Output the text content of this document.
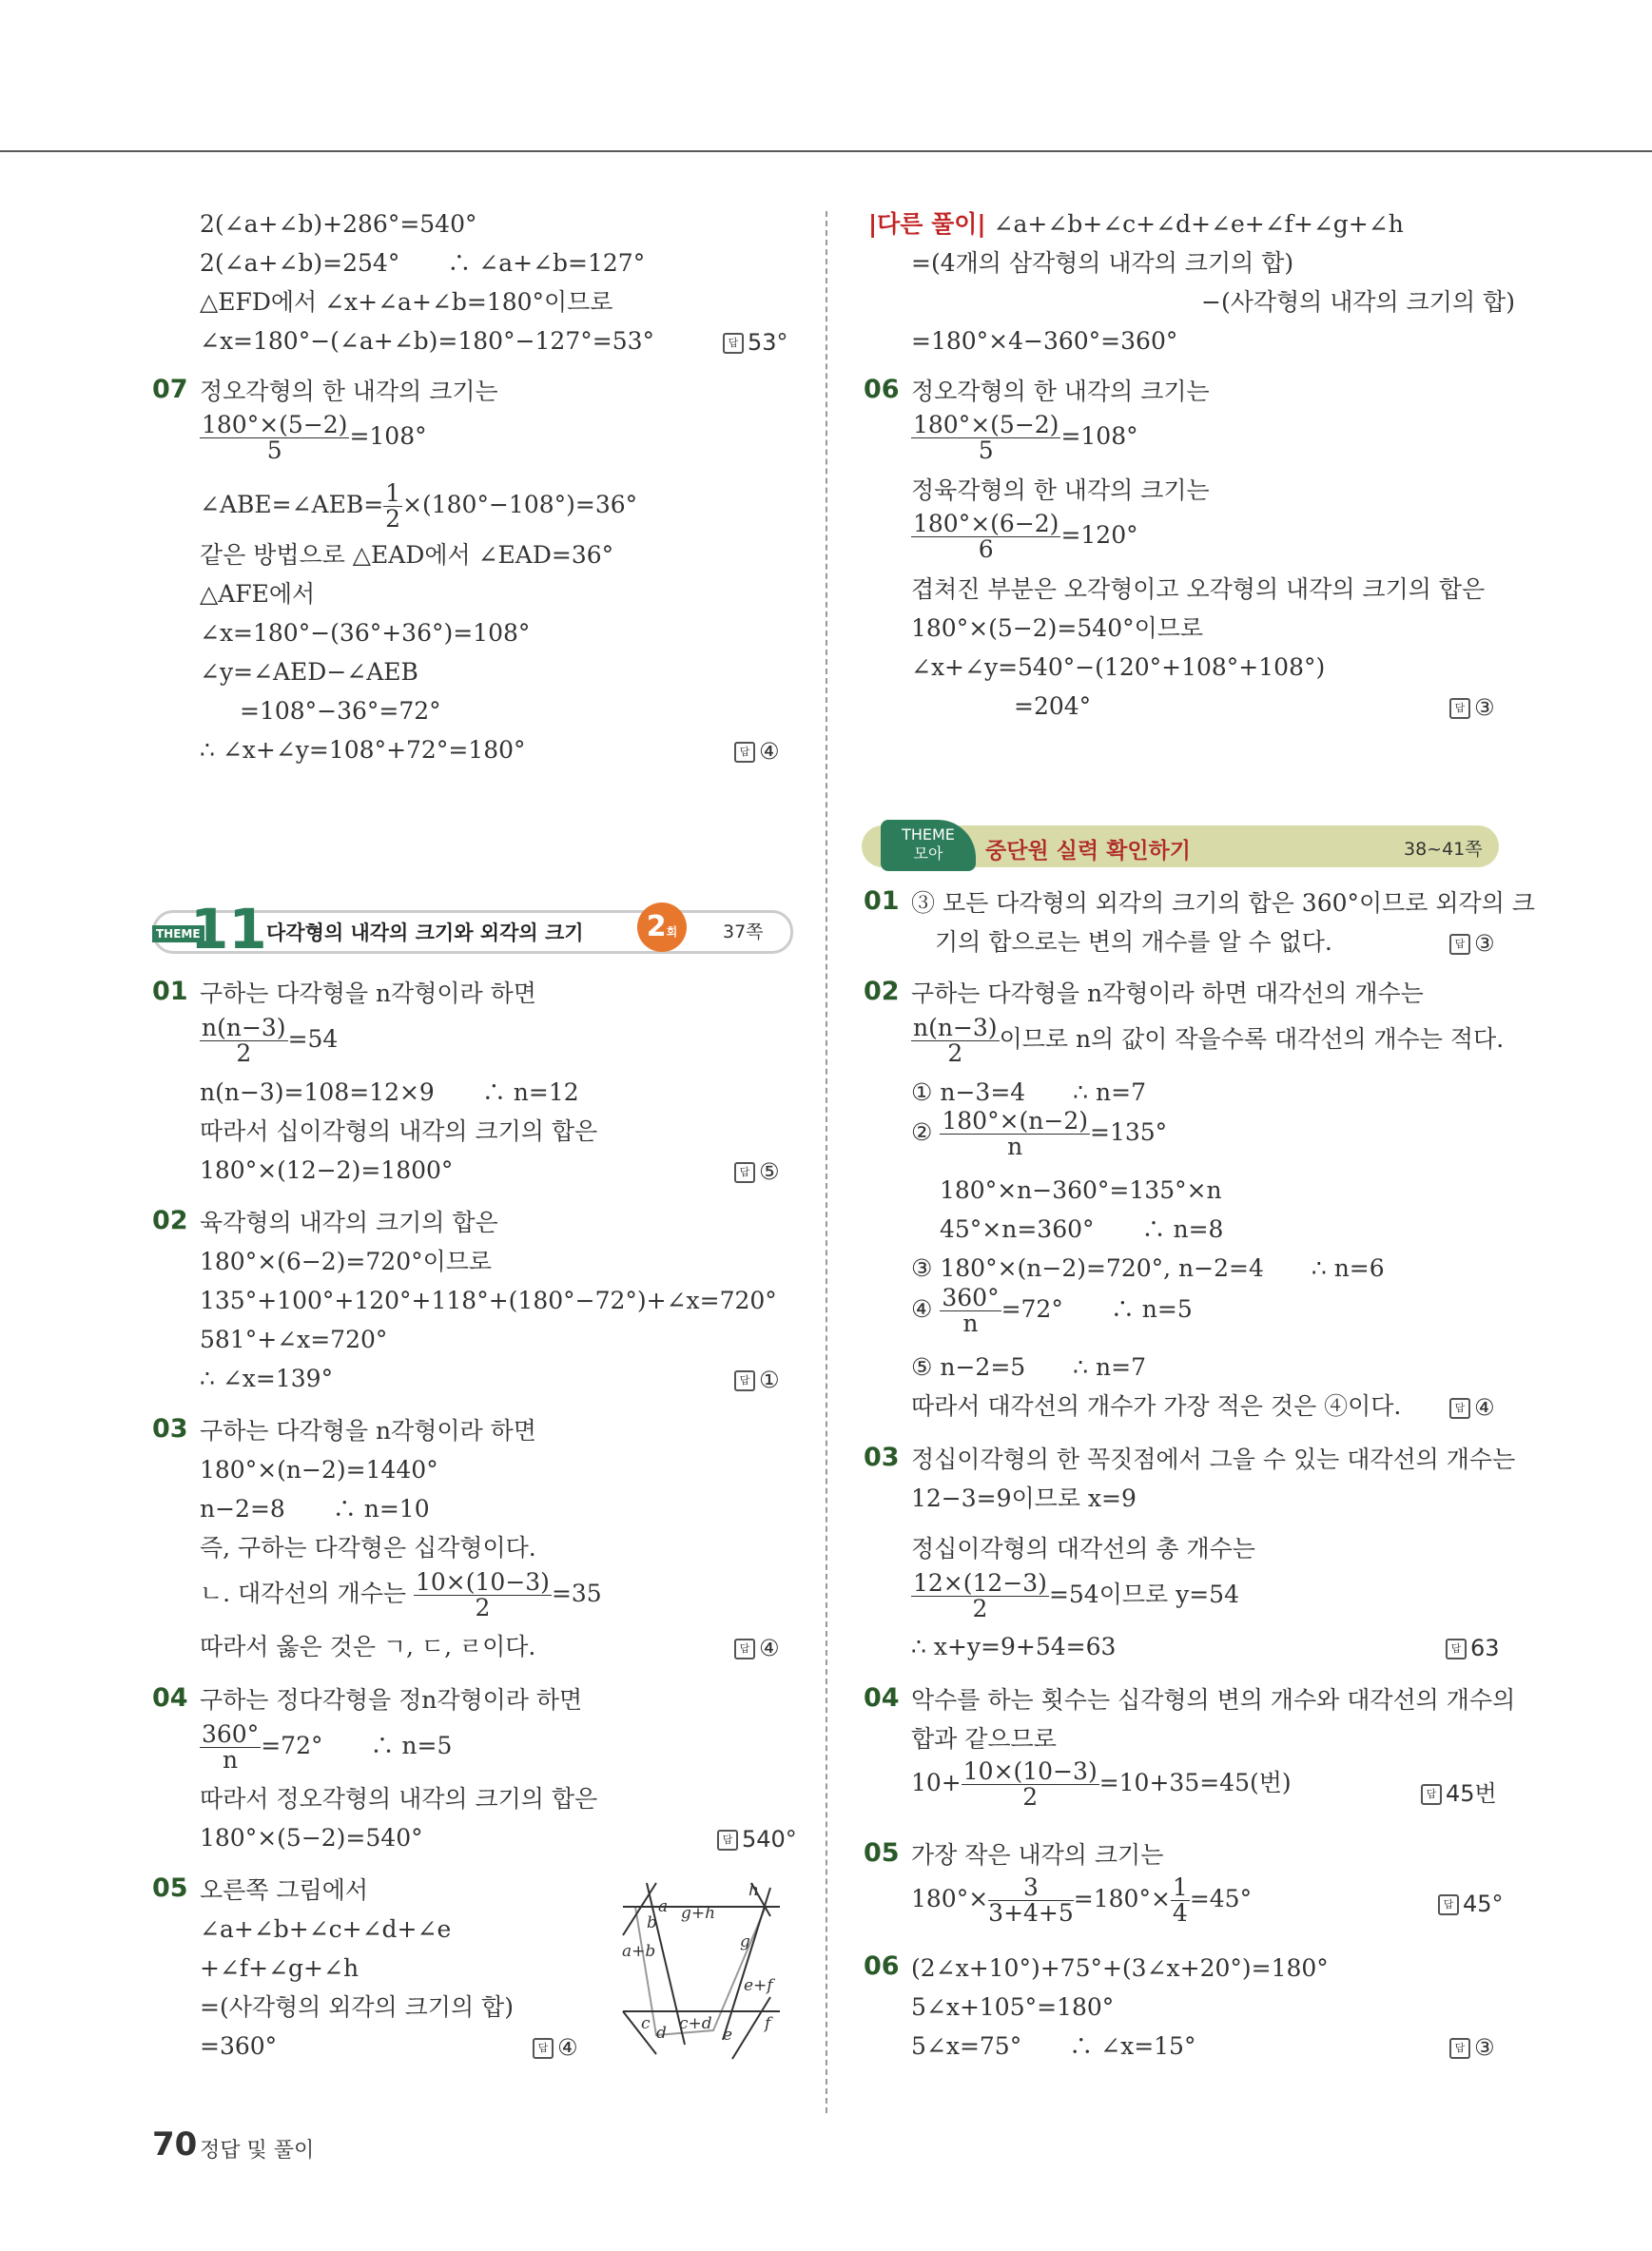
2(∠a+∠b)+286°=540°
2(∠a+∠b)=254°　　∴ ∠a+∠b=127°
△EFD에서 ∠x+∠a+∠b=180°이므로
∠x=180°−(∠a+∠b)=180°−127°=53°	답 53°
07 정오각형의 한 내각의 크기는
$\frac{180^\circ\times(5-2)}{5} =108^\circ$
∠ABE=∠AEB= $\frac{1}{2} \times(180^\circ-108^\circ)=36^\circ$
같은 방법으로 △EAD에서 ∠EAD=36°
△AFE에서
∠x=180°−(36°+36°)=108°
∠y=∠AED−∠AEB
=108°−36°=72°
∴ ∠x+∠y=108°+72°=180°	답 ④
THEME
11 다각형의 내각의 크기와 외각의 크기	2회	37쪽
01 구하는 다각형을 n각형이라 하면
$\frac{n(n-3)}{2} =54$
n(n−3)=108=12×9　　∴ n=12
따라서 십이각형의 내각의 크기의 합은
180°×(12−2)=1800°	답 ⑤
02 육각형의 내각의 크기의 합은
180°×(6−2)=720°이므로
135°+100°+120°+118°+(180°−72°)+∠x=720°
581°+∠x=720°
∴ ∠x=139°	답 ①
03 구하는 다각형을 n각형이라 하면
180°×(n−2)=1440°
n−2=8　　∴ n=10
즉, 구하는 다각형은 십각형이다.
ㄴ. 대각선의 개수는 $\frac{10\times(10-3)}{2} =35$
따라서 옳은 것은 ㄱ, ㄷ, ㄹ이다.	답 ④
04 구하는 정다각형을 정n각형이라 하면
$\frac{360^\circ}{n} =72^\circ$　　∴ n=5
따라서 정오각형의 내각의 크기의 합은
180°×(5−2)=540°	답 540°
05 오른쪽 그림에서
∠a+∠b+∠c+∠d+∠e
+∠f+∠g+∠h
=(사각형의 외각의 크기의 합)
=360°	답 ④
a
b g+h
h
a+b	g
e+f
c d c+d
e
f
|다른 풀이| ∠a+∠b+∠c+∠d+∠e+∠f+∠g+∠h
=(4개의 삼각형의 내각의 크기의 합)
−(사각형의 내각의 크기의 합)
=180°×4−360°=360°
06 정오각형의 한 내각의 크기는
$\frac{180^\circ\times(5-2)}{5} =108^\circ$
정육각형의 한 내각의 크기는
$\frac{180^\circ\times(6-2)}{6} =120^\circ$
겹쳐진 부분은 오각형이고 오각형의 내각의 크기의 합은
180°×(5−2)=540°이므로
∠x+∠y=540°−(120°+108°+108°)
=204°	답 ③
THEME
모아	중단원 실력 확인하기	38~41쪽
01 ③ 모든 다각형의 외각의 크기의 합은 360°이므로 외각의 크
기의 합으로는 변의 개수를 알 수 없다.	답 ③
02 구하는 다각형을 n각형이라 하면 대각선의 개수는
$\frac{n(n-3)}{2}$ 이므로 n의 값이 작을수록 대각선의 개수는 적다.
① n−3=4　　∴ n=7
② $\frac{180^\circ\times(n-2)}{n} =135^\circ$
180°×n−360°=135°×n
45°×n=360°　　∴ n=8
③ 180°×(n−2)=720°, n−2=4　　∴ n=6
④ $\frac{360^\circ}{n} =72^\circ$　　∴ n=5
⑤ n−2=5　　∴ n=7
따라서 대각선의 개수가 가장 적은 것은 ④이다.	답 ④
03 정십이각형의 한 꼭짓점에서 그을 수 있는 대각선의 개수는
12−3=9이므로 x=9
정십이각형의 대각선의 총 개수는
$\frac{12\times(12-3)}{2} =54$이므로 y=54
∴ x+y=9+54=63	답 63
04 악수를 하는 횟수는 십각형의 변의 개수와 대각선의 개수의
합과 같으므로
$10+ \frac{10\times(10-3)}{2} =10+35=45$(번)	답 45번
05 가장 작은 내각의 크기는
$180^\circ\times \frac{3}{3+4+5} =180^\circ\times \frac{1}{4} =45^\circ$	답 45°
06 (2∠x+10°)+75°+(3∠x+20°)=180°
5∠x+105°=180°
5∠x=75°　　∴ ∠x=15°	답 ③
70 정답 및 풀이
